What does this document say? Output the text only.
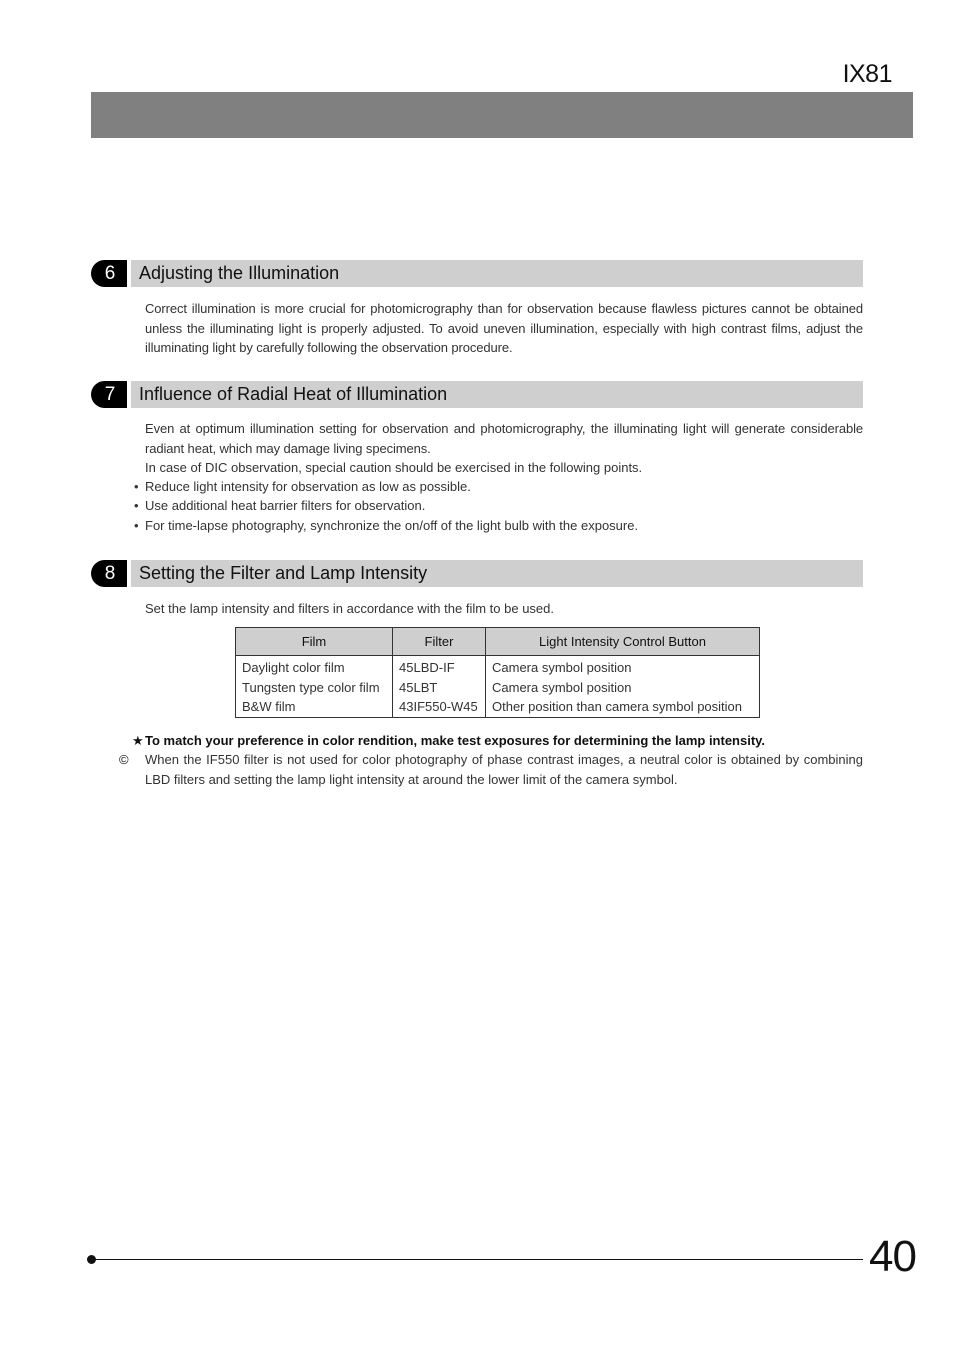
IX81
6	Adjusting the Illumination
Correct illumination is more crucial for photomicrography than for observation because flawless pictures cannot be obtained unless the illuminating light is properly adjusted. To avoid uneven illumination, especially with high contrast films, adjust the illuminating light by carefully following the observation procedure.
7	Influence of Radial Heat of Illumination
Even at optimum illumination setting for observation and photomicrography, the illuminating light will generate considerable radiant heat, which may damage living specimens.
In case of DIC observation, special caution should be exercised in the following points.
• Reduce light intensity for observation as low as possible.
• Use additional heat barrier filters for observation.
• For time-lapse photography, synchronize the on/off of the light bulb with the exposure.
8	Setting the Filter and Lamp Intensity
Set the lamp intensity and filters in accordance with the film to be used.
Film	Filter	Light Intensity Control Button
Daylight color film	45LBD-IF	Camera symbol position
Tungsten type color film	45LBT	Camera symbol position
B&W film	43IF550-W45	Other position than camera symbol position
★To match your preference in color rendition, make test exposures for determining the lamp intensity.
© When the IF550 filter is not used for color photography of phase contrast images, a neutral color is obtained by combining LBD filters and setting the lamp light intensity at around the lower limit of the camera symbol.
40
